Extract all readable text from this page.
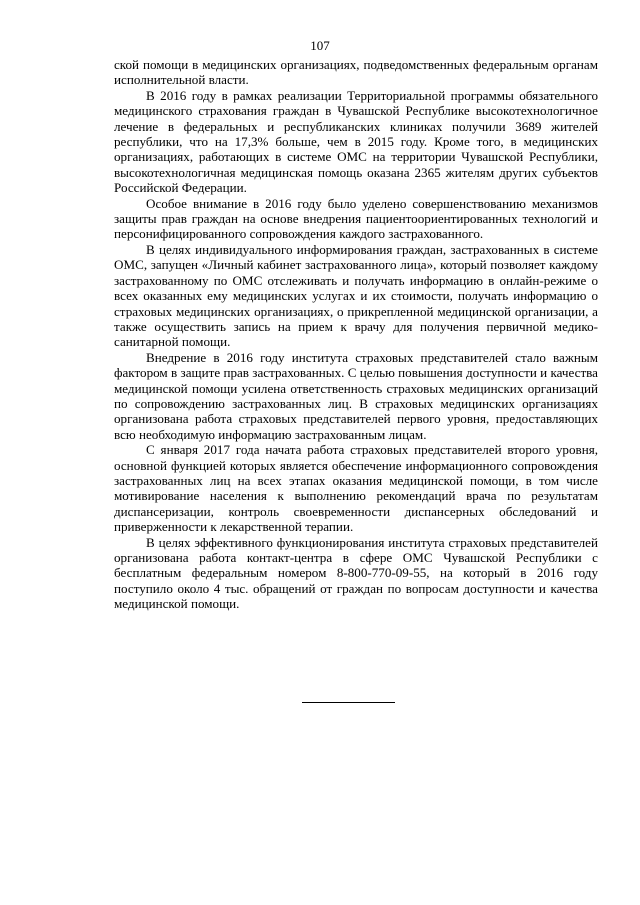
107

ской помощи в медицинских организациях, подведомственных федеральным органам исполнительной власти.

В 2016 году в рамках реализации Территориальной программы обязательного медицинского страхования граждан в Чувашской Республике высокотехнологичное лечение в федеральных и республиканских клиниках получили 3689 жителей республики, что на 17,3% больше, чем в 2015 году. Кроме того, в медицинских организациях, работающих в системе ОМС на территории Чувашской Республики, высокотехнологичная медицинская помощь оказана 2365 жителям других субъектов Российской Федерации.

Особое внимание в 2016 году было уделено совершенствованию механизмов защиты прав граждан на основе внедрения пациентоориентированных технологий и персонифицированного сопровождения каждого застрахованного.

В целях индивидуального информирования граждан, застрахованных в системе ОМС, запущен «Личный кабинет застрахованного лица», который позволяет каждому застрахованному по ОМС отслеживать и получать информацию в онлайн-режиме о всех оказанных ему медицинских услугах и их стоимости, получать информацию о страховых медицинских организациях, о прикрепленной медицинской организации, а также осуществить запись на прием к врачу для получения первичной медико-санитарной помощи.

Внедрение в 2016 году института страховых представителей стало важным фактором в защите прав застрахованных. С целью повышения доступности и качества медицинской помощи усилена ответственность страховых медицинских организаций по сопровождению застрахованных лиц. В страховых медицинских организациях организована работа страховых представителей первого уровня, предоставляющих всю необходимую информацию застрахованным лицам.

С января 2017 года начата работа страховых представителей второго уровня, основной функцией которых является обеспечение информационного сопровождения застрахованных лиц на всех этапах оказания медицинской помощи, в том числе мотивирование населения к выполнению рекомендаций врача по результатам диспансеризации, контроль своевременности диспансерных обследований и приверженности к лекарственной терапии.

В целях эффективного функционирования института страховых представителей организована работа контакт-центра в сфере ОМС Чувашской Республики с бесплатным федеральным номером 8-800-770-09-55, на который в 2016 году поступило около 4 тыс. обращений от граждан по вопросам доступности и качества медицинской помощи.
